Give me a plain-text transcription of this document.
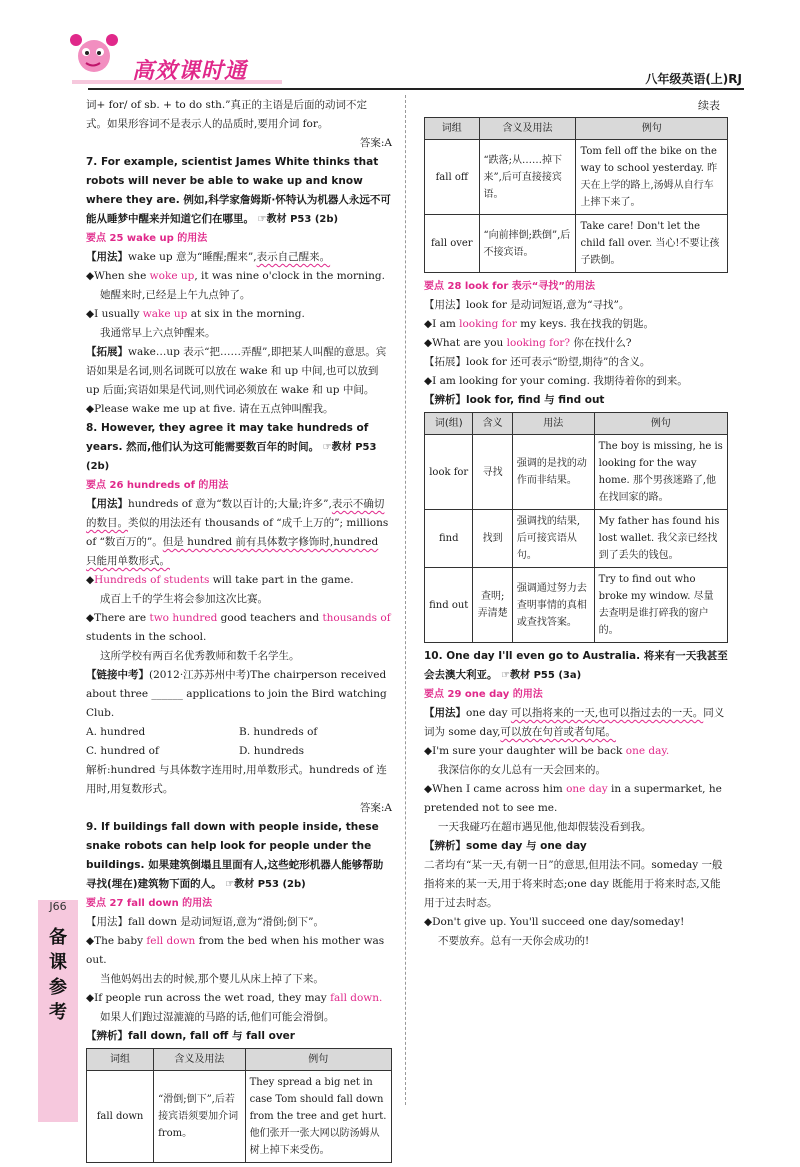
高效课时通	八年级英语(上)RJ
J66
备
课
参
考

词+ for/ of sb. + to do sth.”真正的主语是后面的动词不定

式。如果形容词不是表示人的品质时,要用介词 for。

答案:A

7. For example, scientist James White thinks that robots will never be able to wake up and know where they are. 例如,科学家詹姆斯·怀特认为机器人永远不可能从睡梦中醒来并知道它们在哪里。 ☞教材 P53 (2b)

要点 25 wake up 的用法

【用法】wake up 意为“睡醒;醒来”,表示自己醒来。

◆When she woke up, it was nine o'clock in the morning.

她醒来时,已经是上午九点钟了。

◆I usually wake up at six in the morning.

我通常早上六点钟醒来。

【拓展】wake…up 表示“把……弄醒”,即把某人叫醒的意思。宾语如果是名词,则名词既可以放在 wake 和 up 中间,也可以放到 up 后面;宾语如果是代词,则代词必须放在 wake 和 up 中间。

◆Please wake me up at five. 请在五点钟叫醒我。

8. However, they agree it may take hundreds of years. 然而,他们认为这可能需要数百年的时间。 ☞教材 P53 (2b)

要点 26 hundreds of 的用法

【用法】hundreds of 意为“数以百计的;大量;许多”,表示不确切的数目。类似的用法还有 thousands of “成千上万的”; millions of “数百万的”。但是 hundred 前有具体数字修饰时,hundred 只能用单数形式。

◆Hundreds of students will take part in the game.

成百上千的学生将会参加这次比赛。

◆There are two hundred good teachers and thousands of students in the school.

这所学校有两百名优秀教师和数千名学生。

【链接中考】(2012·江苏苏州中考)The chairperson received about three ______ applications to join the Bird watching Club.

A. hundred	B. hundreds of
C. hundred of	D. hundreds

解析:hundred 与具体数字连用时,用单数形式。hundreds of 连用时,用复数形式。

答案:A

9. If buildings fall down with people inside, these snake robots can help look for people under the buildings. 如果建筑倒塌且里面有人,这些蛇形机器人能够帮助寻找(埋在)建筑物下面的人。 ☞教材 P53 (2b)

要点 27 fall down 的用法

【用法】fall down 是动词短语,意为“滑倒;倒下”。

◆The baby fell down from the bed when his mother was out.

当他妈妈出去的时候,那个婴儿从床上掉了下来。

◆If people run across the wet road, they may fall down.

如果人们跑过湿漉漉的马路的话,他们可能会滑倒。

【辨析】fall down, fall off 与 fall over

词组	含义及用法	例句
fall down	“滑倒;倒下”,后若接宾语须要加介词 from。	They spread a big net in case Tom should fall down from the tree and get hurt. 他们张开一张大网以防汤姆从树上掉下来受伤。

续表

词组	含义及用法	例句
fall off	“跌落;从……掉下来”,后可直接接宾语。	Tom fell off the bike on the way to school yesterday. 昨天在上学的路上,汤姆从自行车上摔下来了。
fall over	“向前摔倒;跌倒”,后不接宾语。	Take care! Don't let the child fall over. 当心!不要让孩子跌倒。

要点 28 look for 表示“寻找”的用法

【用法】look for 是动词短语,意为“寻找”。

◆I am looking for my keys. 我在找我的钥匙。

◆What are you looking for? 你在找什么?

【拓展】look for 还可表示“盼望,期待”的含义。

◆I am looking for your coming. 我期待着你的到来。

【辨析】look for, find 与 find out

词(组)	含义	用法	例句
look for	寻找	强调的是找的动作而非结果。	The boy is missing, he is looking for the way home. 那个男孩迷路了,他在找回家的路。
find	找到	强调找的结果,后可接宾语从句。	My father has found his lost wallet. 我父亲已经找到了丢失的钱包。
find out	查明;弄清楚	强调通过努力去查明事情的真相或查找答案。	Try to find out who broke my window. 尽量去查明是谁打碎我的窗户的。

10. One day I'll even go to Australia. 将来有一天我甚至会去澳大利亚。 ☞教材 P55 (3a)

要点 29 one day 的用法

【用法】one day 可以指将来的一天,也可以指过去的一天。同义词为 some day,可以放在句首或者句尾。

◆I'm sure your daughter will be back one day.

我深信你的女儿总有一天会回来的。

◆When I came across him one day in a supermarket, he pretended not to see me.

一天我碰巧在超市遇见他,他却假装没看到我。

【辨析】some day 与 one day

二者均有“某一天,有朝一日”的意思,但用法不同。someday 一般指将来的某一天,用于将来时态;one day 既能用于将来时态,又能用于过去时态。

◆Don't give up. You'll succeed one day/someday!

不要放弃。总有一天你会成功的!
